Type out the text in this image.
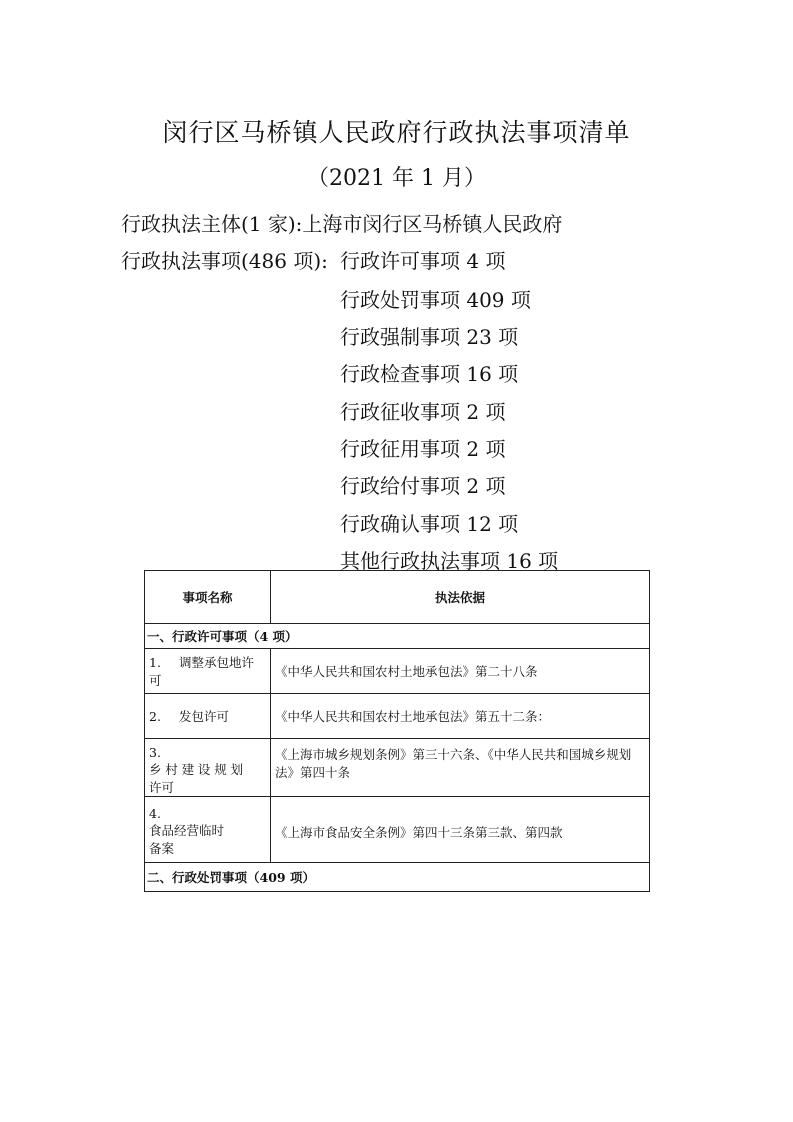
闵行区马桥镇人民政府行政执法事项清单
（2021 年 1 月）
行政执法主体(1 家):上海市闵行区马桥镇人民政府
行政执法事项(486 项): 行政许可事项 4 项
行政处罚事项 409 项
行政强制事项 23 项
行政检查事项 16 项
行政征收事项 2 项
行政征用事项 2 项
行政给付事项 2 项
行政确认事项 12 项
其他行政执法事项 16 项
事项名称	执法依据
一、行政许可事项（4 项）	
1. 调整承包地许可	《中华人民共和国农村土地承包法》第二十八条
2. 发包许可	《中华人民共和国农村土地承包法》第五十二条：
3.
乡村建设规划
许可	《上海市城乡规划条例》第三十六条、《中华人民共和国城乡规划法》第四十条
4.
食品经营临时
备案	《上海市食品安全条例》第四十三条第三款、第四款
二、行政处罚事项（409 项）	
